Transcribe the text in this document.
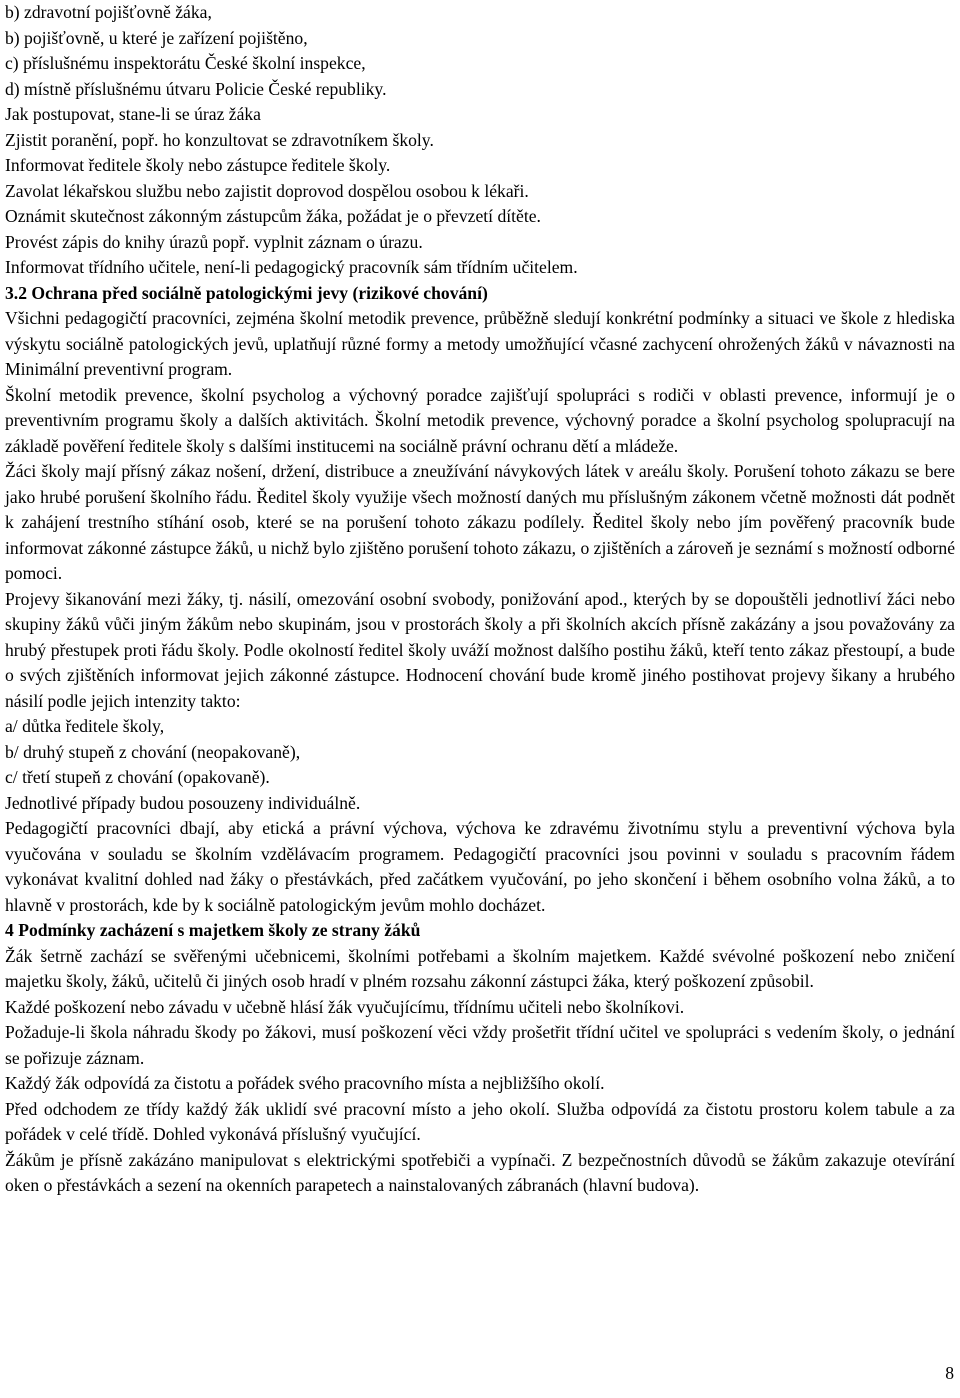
b) zdravotní pojišťovně žáka,
b) pojišťovně, u které je zařízení pojištěno,
c) příslušnému inspektorátu České školní inspekce,
d) místně příslušnému útvaru Policie České republiky.
Jak postupovat, stane-li se úraz žáka
Zjistit poranění, popř. ho konzultovat se zdravotníkem školy.
Informovat ředitele školy nebo zástupce ředitele školy.
Zavolat lékařskou službu nebo zajistit doprovod dospělou osobou k lékaři.
Oznámit skutečnost zákonným zástupcům žáka, požádat je o převzetí dítěte.
Provést zápis do knihy úrazů popř. vyplnit záznam o úrazu.
Informovat třídního učitele, není-li pedagogický pracovník sám třídním učitelem.
3.2 Ochrana před sociálně patologickými jevy (rizikové chování)

Všichni pedagogičtí pracovníci, zejména školní metodik prevence, průběžně sledují konkrétní podmínky a situaci ve škole z hlediska výskytu sociálně patologických jevů, uplatňují různé formy a metody umožňující včasné zachycení ohrožených žáků v návaznosti na Minimální preventivní program.

Školní metodik prevence, školní psycholog a výchovný poradce zajišťují spolupráci s rodiči v oblasti prevence, informují je o preventivním programu školy a dalších aktivitách. Školní metodik prevence, výchovný poradce a školní psycholog spolupracují na základě pověření ředitele školy s dalšími institucemi na sociálně právní ochranu dětí a mládeže.

Žáci školy mají přísný zákaz nošení, držení, distribuce a zneužívání návykových látek v areálu školy. Porušení tohoto zákazu se bere jako hrubé porušení školního řádu. Ředitel školy využije všech možností daných mu příslušným zákonem včetně možnosti dát podnět k zahájení trestního stíhání osob, které se na porušení tohoto zákazu podílely. Ředitel školy nebo jím pověřený pracovník bude informovat zákonné zástupce žáků, u nichž bylo zjištěno porušení tohoto zákazu, o zjištěních a zároveň je seznámí s možností odborné pomoci.

Projevy šikanování mezi žáky, tj. násilí, omezování osobní svobody, ponižování apod., kterých by se dopouštěli jednotliví žáci nebo skupiny žáků vůči jiným žákům nebo skupinám, jsou v prostorách školy a při školních akcích přísně zakázány a jsou považovány za hrubý přestupek proti řádu školy. Podle okolností ředitel školy uváží možnost dalšího postihu žáků, kteří tento zákaz přestoupí, a bude o svých zjištěních informovat jejich zákonné zástupce. Hodnocení chování bude kromě jiného postihovat projevy šikany a hrubého násilí podle jejich intenzity takto:

a/ důtka ředitele školy,
b/ druhý stupeň z chování (neopakovaně),
c/ třetí stupeň z chování (opakovaně).
Jednotlivé případy budou posouzeny individuálně.

Pedagogičtí pracovníci dbají, aby etická a právní výchova, výchova ke zdravému životnímu stylu a preventivní výchova byla vyučována v souladu se školním vzdělávacím programem. Pedagogičtí pracovníci jsou povinni v souladu s pracovním řádem vykonávat kvalitní dohled nad žáky o přestávkách, před začátkem vyučování, po jeho skončení i během osobního volna žáků, a to hlavně v prostorách, kde by k sociálně patologickým jevům mohlo docházet.

4 Podmínky zacházení s majetkem školy ze strany žáků

Žák šetrně zachází se svěřenými učebnicemi, školními potřebami a školním majetkem. Každé svévolné poškození nebo zničení majetku školy, žáků, učitelů či jiných osob hradí v plném rozsahu zákonní zástupci žáka, který poškození způsobil.

Každé poškození nebo závadu v učebně hlásí žák vyučujícímu, třídnímu učiteli nebo školníkovi.

Požaduje-li škola náhradu škody po žákovi, musí poškození věci vždy prošetřit třídní učitel ve spolupráci s vedením školy, o jednání se pořizuje záznam.

Každý žák odpovídá za čistotu a pořádek svého pracovního místa a nejbližšího okolí.

Před odchodem ze třídy každý žák uklidí své pracovní místo a jeho okolí. Služba odpovídá za čistotu prostoru kolem tabule a za pořádek v celé třídě. Dohled vykonává příslušný vyučující.

Žákům je přísně zakázáno manipulovat s elektrickými spotřebiči a vypínači. Z bezpečnostních důvodů se žákům zakazuje otevírání oken o přestávkách a sezení na okenních parapetech a nainstalovaných zábranách (hlavní budova).

8
